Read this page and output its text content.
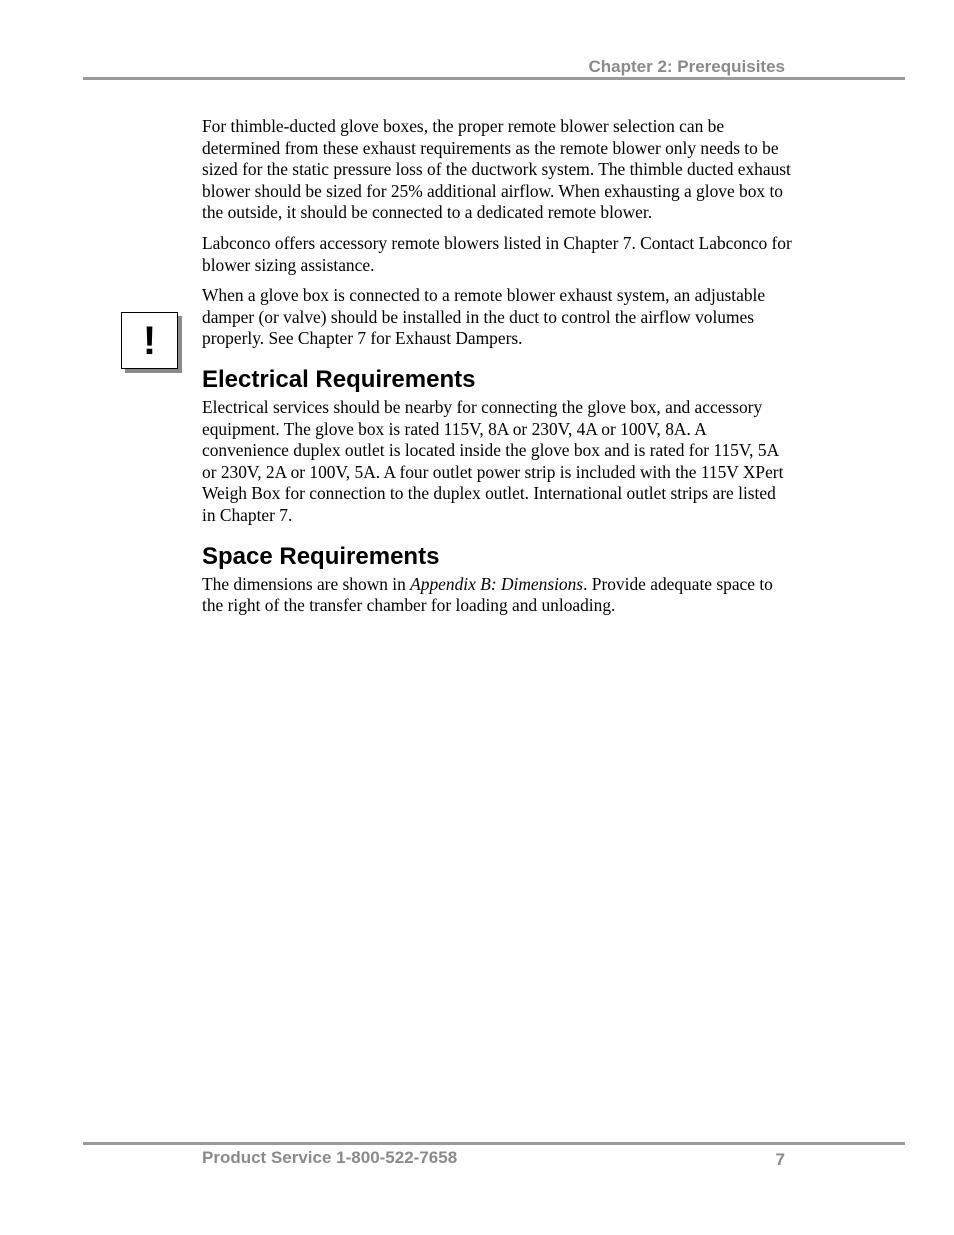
Chapter 2: Prerequisites
!

For thimble-ducted glove boxes, the proper remote blower selection can be determined from these exhaust requirements as the remote blower only needs to be sized for the static pressure loss of the ductwork system. The thimble ducted exhaust blower should be sized for 25% additional airflow. When exhausting a glove box to the outside, it should be connected to a dedicated remote blower.

Labconco offers accessory remote blowers listed in Chapter 7. Contact Labconco for blower sizing assistance.

When a glove box is connected to a remote blower exhaust system, an adjustable damper (or valve) should be installed in the duct to control the airflow volumes properly. See Chapter 7 for Exhaust Dampers.

Electrical Requirements

Electrical services should be nearby for connecting the glove box, and accessory equipment. The glove box is rated 115V, 8A or 230V, 4A or 100V, 8A. A convenience duplex outlet is located inside the glove box and is rated for 115V, 5A or 230V, 2A or 100V, 5A. A four outlet power strip is included with the 115V XPert Weigh Box for connection to the duplex outlet. International outlet strips are listed in Chapter 7.

Space Requirements

The dimensions are shown in Appendix B: Dimensions. Provide adequate space to the right of the transfer chamber for loading and unloading.

Product Service 1-800-522-7658	7
